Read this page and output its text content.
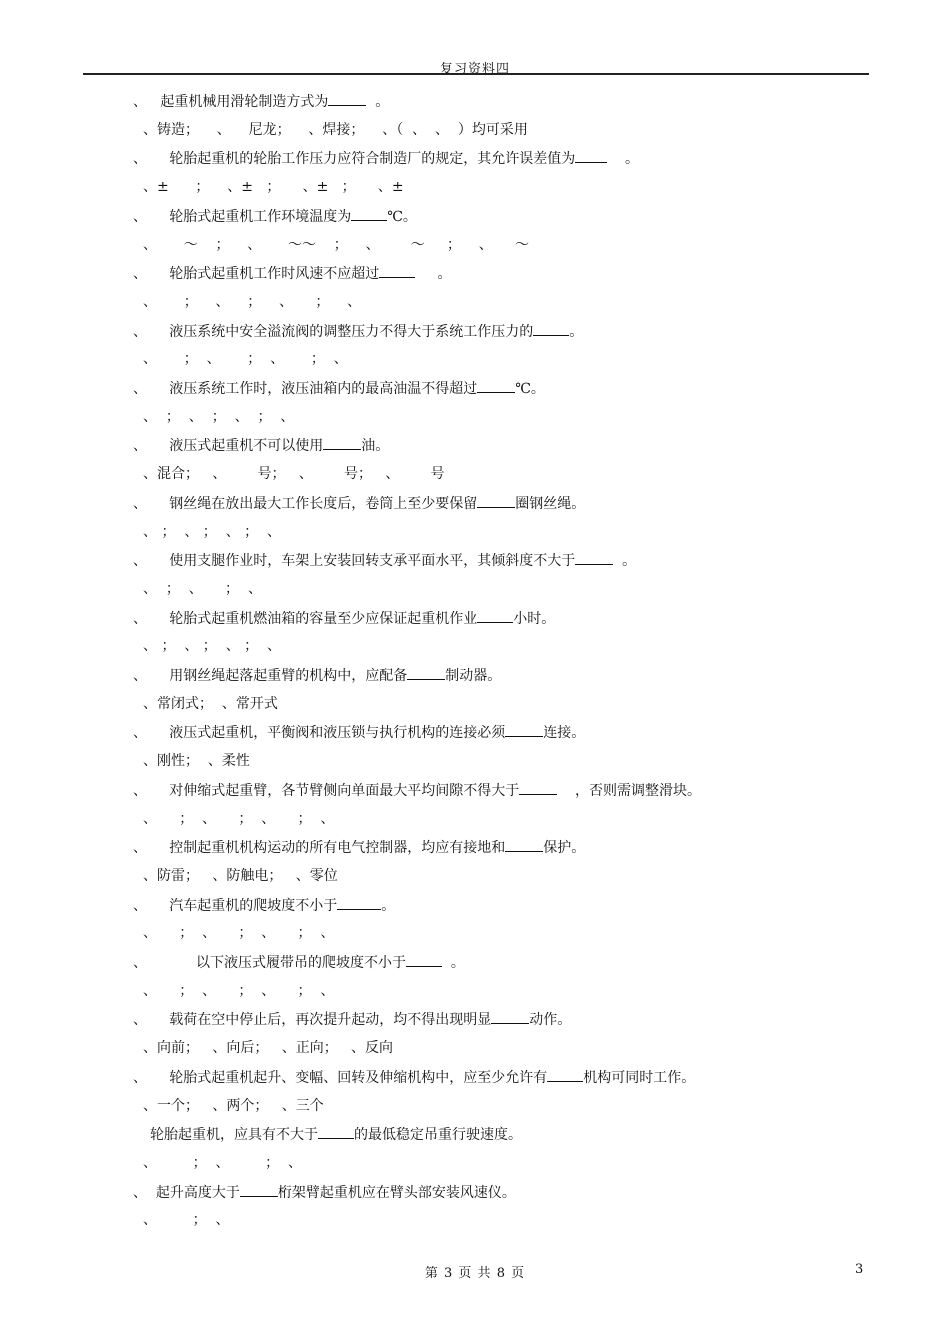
复习资料四
、   起重机械用滑轮制造方式为	。
、铸造；    、    尼龙；    、焊接；    、（  、  、  ）均可采用
、     轮胎起重机的轮胎工作压力应符合制造厂的规定，其允许误差值为    。
、±      ；    、±   ；     、±   ；     、±
、     轮胎式起重机工作环境温度为	℃。
、      ～    ；    、      ～～    ；    、       ～     ；    、     ～
、     轮胎式起重机工作时风速不应超过	。
、      ；    、    ；    、     ；    、
、     液压系统中安全溢流阀的调整压力不得大于系统工作压力的	。
、      ；  、      ；  、      ；  、
、     液压系统工作时，液压油箱内的最高油温不得超过	℃。
、  ；  、  ；  、  ；  、
、     液压式起重机不可以使用	油。
、混合；   、       号；   、       号；   、       号
、     钢丝绳在放出最大工作长度后，卷筒上至少要保留	圈钢丝绳。
、 ；  、 ；  、 ；  、
、     使用支腿作业时，车架上安装回转支承平面水平，其倾斜度不大于	。
、  ；  、     ；  、
、     轮胎式起重机燃油箱的容量至少应保证起重机作业	小时。
、 ；  、 ；  、 ；  、
、     用钢丝绳起落起重臂的机构中，应配备	制动器。
、常闭式；  、常开式
、     液压式起重机，平衡阀和液压锁与执行机构的连接必须	连接。
、刚性；  、柔性
、     对伸缩式起重臂，各节臂侧向单面最大平均间隙不得大于	，否则需调整滑块。
、     ；  、     ；  、     ；  、
、     控制起重机机构运动的所有电气控制器，均应有接地和	保护。
、防雷；   、防触电；   、零位
、     汽车起重机的爬坡度不小于	。
、     ；  、     ；  、     ；  、
、           以下液压式履带吊的爬坡度不小于	。
、     ；  、     ；  、     ；  、
、     载荷在空中停止后，再次提升起动，均不得出现明显	动作。
、向前；   、向后；   、正向；   、反向
、     轮胎式起重机起升、变幅、回转及伸缩机构中，应至少允许有	机构可同时工作。
、一个；   、两个；   、三个
轮胎起重机，应具有不大于	的最低稳定吊重行驶速度。
、        ；  、        ；  、
、  起升高度大于	桁架臂起重机应在臂头部安装风速仪。
、        ；  、
第 3 页 共 8 页	3
